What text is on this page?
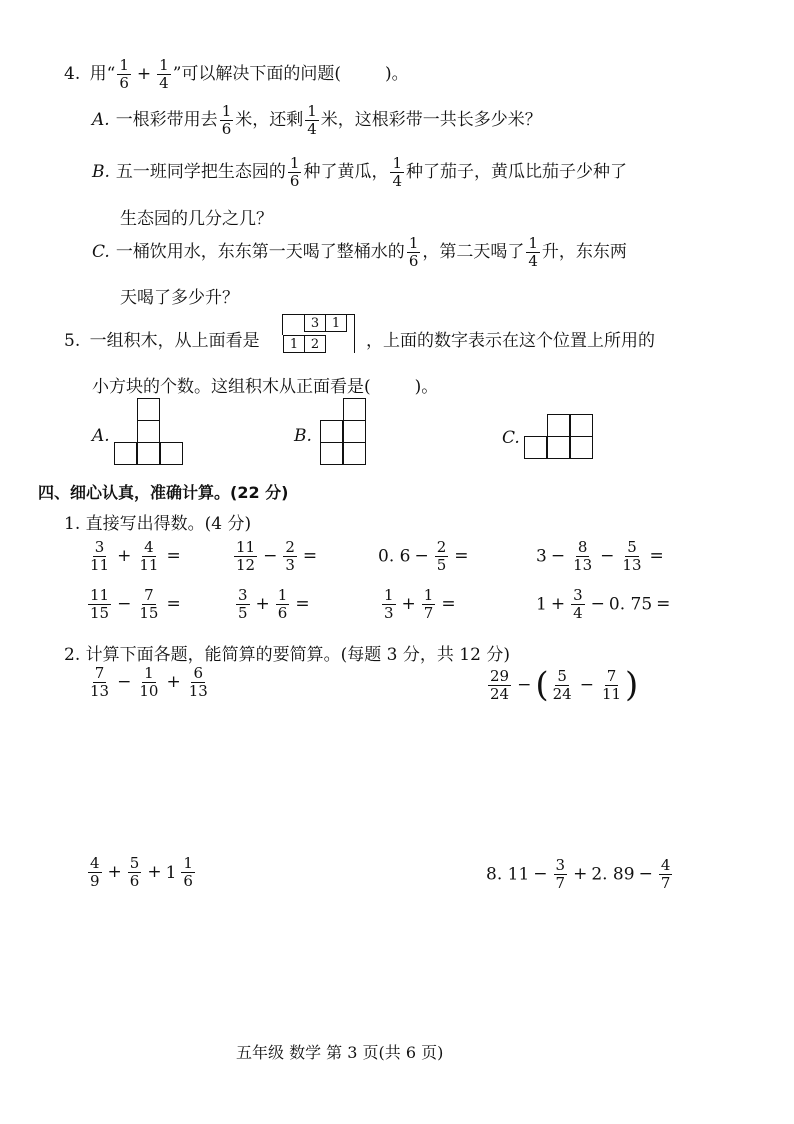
4. 用“ $\frac{1}{6} + \frac{1}{4}$ ”可以解决下面的问题(	)。
A. 一根彩带用去 $\frac{1}{6}$ 米，还剩 $\frac{1}{4}$ 米，这根彩带一共长多少米？
B. 五一班同学把生态园的 $\frac{1}{6}$ 种了黄瓜， $\frac{1}{4}$ 种了茄子，黄瓜比茄子少种了
生态园的几分之几？
C. 一桶饮用水，东东第一天喝了整桶水的 $\frac{1}{6}$ ，第二天喝了 $\frac{1}{4}$ 升，东东两
天喝了多少升？
5. 一组积木，从上面看是
3 1
1 2	，上面的数字表示在这个位置上所用的
小方块的个数。这组积木从正面看是(	)。
A.	B.	C.
四、细心认真，准确计算。(22 分)
1. 直接写出得数。(4 分)
$\frac{3}{11} + \frac{4}{11}$ =	$\frac{11}{12} - \frac{2}{3}$ =	0. $6 - \frac{2}{5}$ =	$3 - \frac{8}{13} - \frac{5}{13}$ =
$\frac{11}{15} - \frac{7}{15}$ =	$\frac{3}{5} + \frac{1}{6}$ =	$\frac{1}{3} + \frac{1}{7}$ =	$1 + \frac{3}{4} - 0$. 75 =
2. 计算下面各题，能简算的要简算。(每题 3 分，共 12 分)
$\frac{7}{13} - \frac{1}{10} + \frac{6}{13}$	$\frac{29}{24}$ − ( $\frac{5}{24} - \frac{7}{11}$ )
$\frac{4}{9} + \frac{5}{6} + 1 \frac{1}{6}$	8. $11 - \frac{3}{7} + 2$. $89 - \frac{4}{7}$
五年级 数学 第 3 页(共 6 页)
